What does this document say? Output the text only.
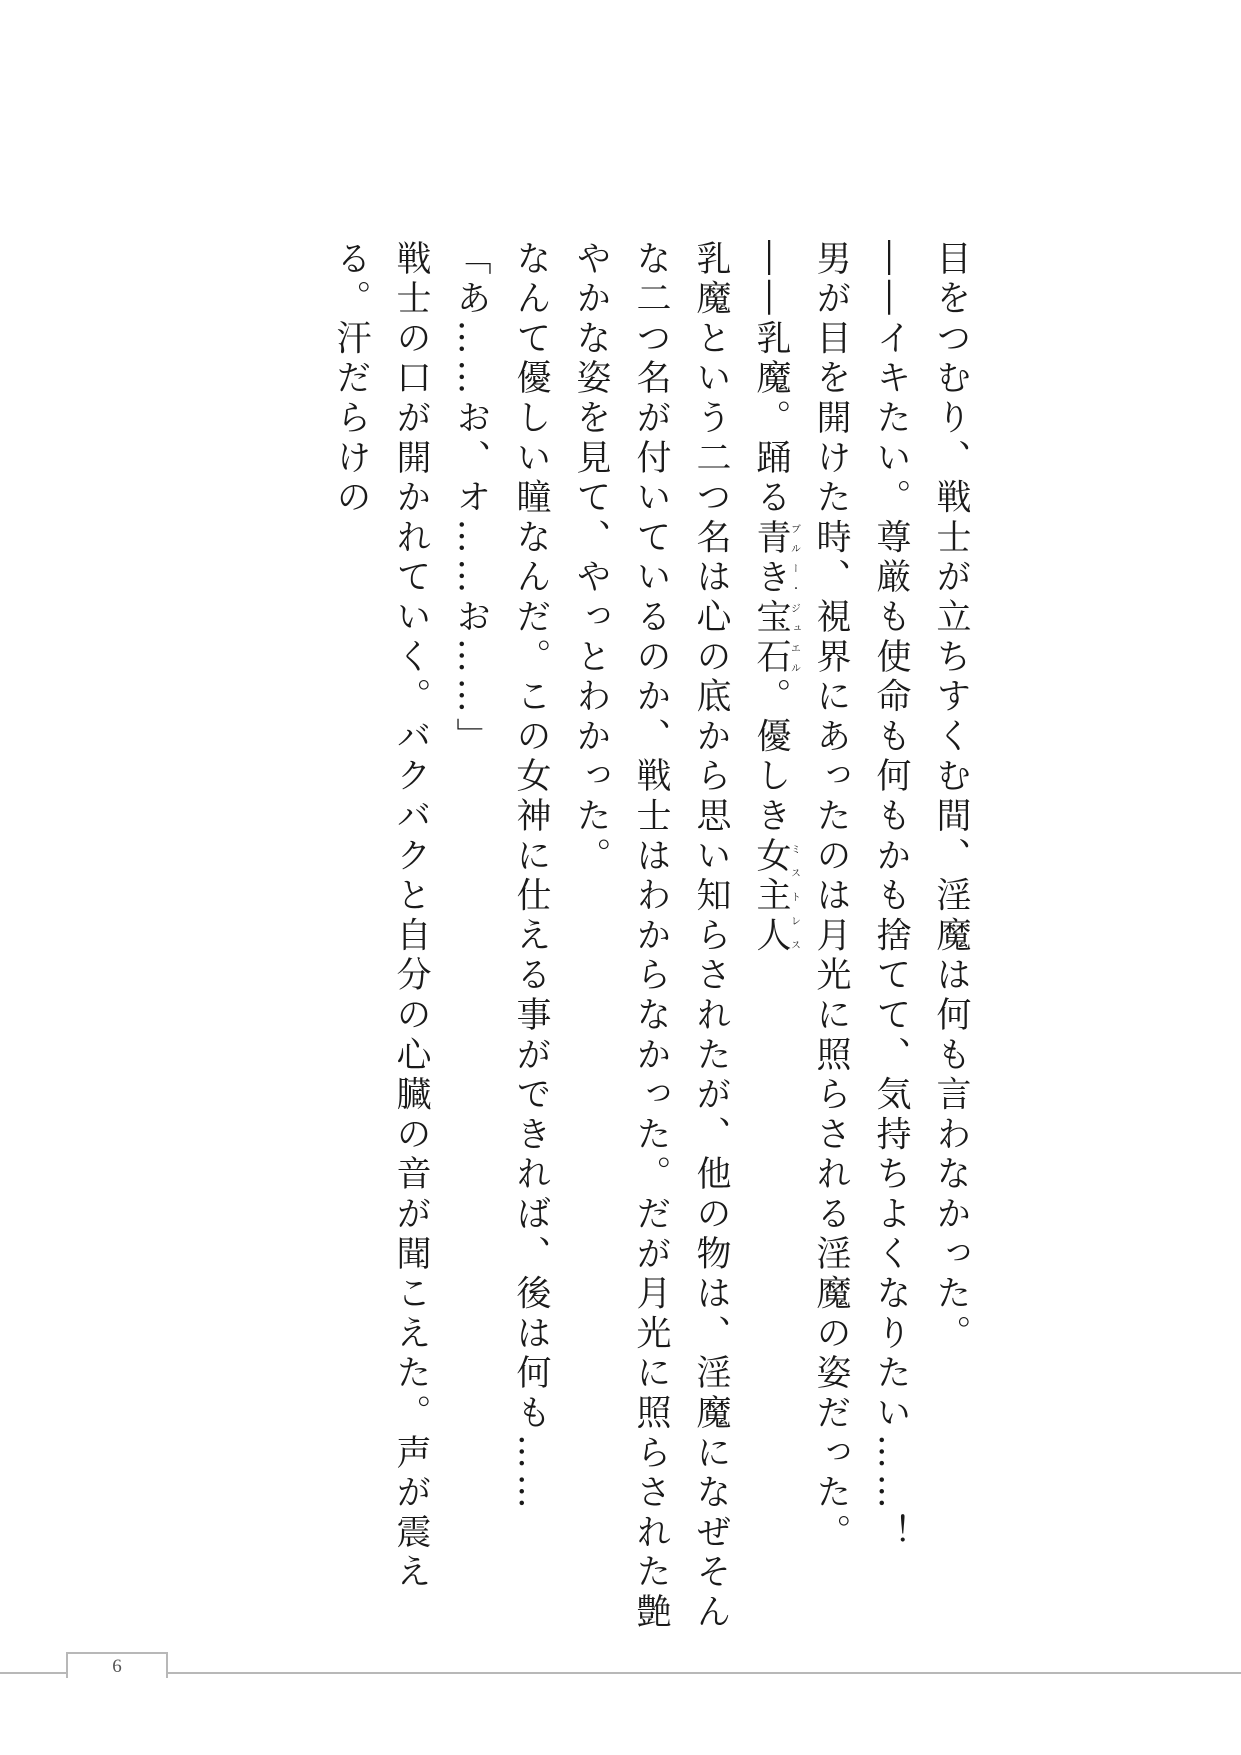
目をつむり、戦士が立ちすくむ間、淫魔は何も言わなかった。

――イキたい。尊厳も使命も何もかも捨てて、気持ちよくなりたい……！

男が目を開けた時、視界にあったのは月光に照らされる淫魔の姿だった。

――乳魔。踊る青き宝石ブルー・ジュエル。優しき女主人ミストレス

乳魔という二つ名は心の底から思い知らされたが、他の物は、淫魔になぜそんな二つ名が付いているのか、戦士はわからなかった。だが月光に照らされた艶やかな姿を見て、やっとわかった。

なんて優しい瞳なんだ。この女神に仕える事ができれば、後は何も……

「あ……お、オ……お……」

戦士の口が開かれていく。バクバクと自分の心臓の音が聞こえた。声が震える。汗だらけの

6
